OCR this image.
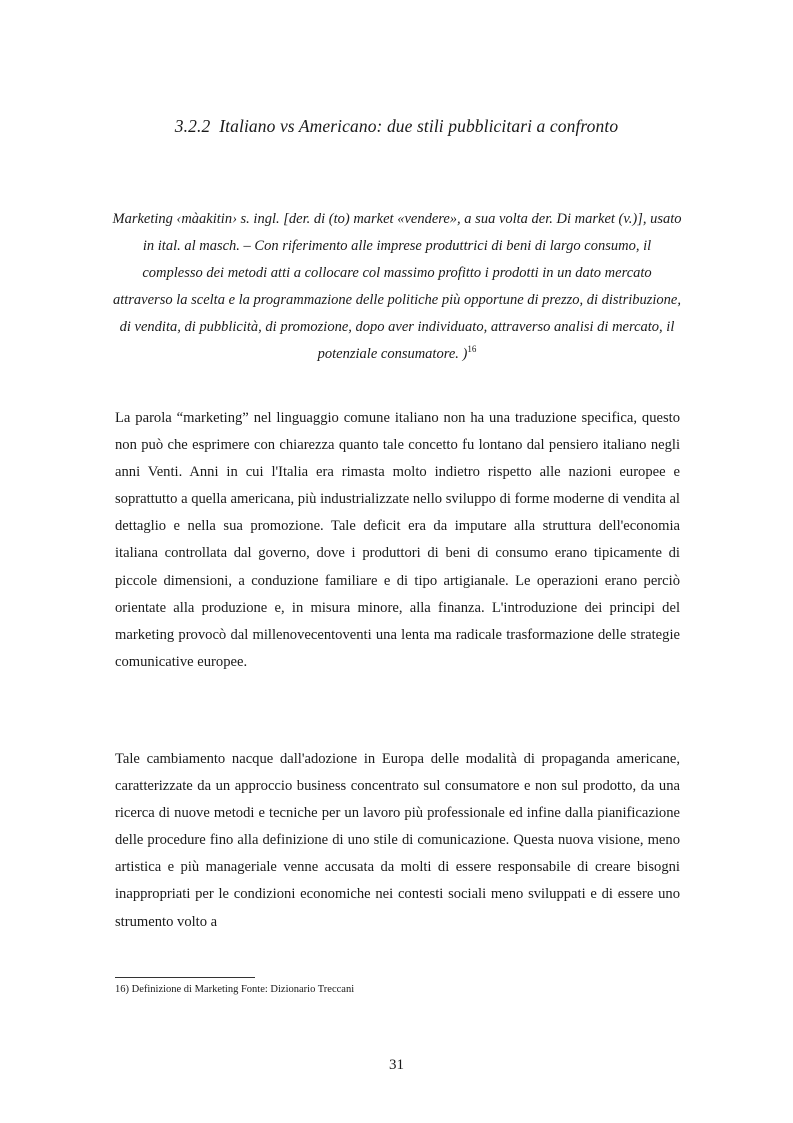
3.2.2 Italiano vs Americano: due stili pubblicitari a confronto
Marketing ‹màakitin› s. ingl. [der. di (to) market «vendere», a sua volta der. Di market (v.)], usato in ital. al masch. – Con riferimento alle imprese produttrici di beni di largo consumo, il complesso dei metodi atti a collocare col massimo profitto i prodotti in un dato mercato attraverso la scelta e la programmazione delle politiche più opportune di prezzo, di distribuzione, di vendita, di pubblicità, di promozione, dopo aver individuato, attraverso analisi di mercato, il potenziale consumatore. )$^{16}$

La parola “marketing” nel linguaggio comune italiano non ha una traduzione specifica, questo non può che esprimere con chiarezza quanto tale concetto fu lontano dal pensiero italiano negli anni Venti. Anni in cui l'Italia era rimasta molto indietro rispetto alle nazioni europee e soprattutto a quella americana, più industrializzate nello sviluppo di forme moderne di vendita al dettaglio e nella sua promozione. Tale deficit era da imputare alla struttura dell'economia italiana controllata dal governo, dove i produttori di beni di consumo erano tipicamente di piccole dimensioni, a conduzione familiare e di tipo artigianale. Le operazioni erano perciò orientate alla produzione e, in misura minore, alla finanza. L'introduzione dei principi del marketing provocò dal millenovecentoventi una lenta ma radicale trasformazione delle strategie comunicative europee.

Tale cambiamento nacque dall'adozione in Europa delle modalità di propaganda americane, caratterizzate da un approccio business concentrato sul consumatore e non sul prodotto, da una ricerca di nuove metodi e tecniche per un lavoro più professionale ed infine dalla pianificazione delle procedure fino alla definizione di uno stile di comunicazione. Questa nuova visione, meno artistica e più manageriale venne accusata da molti di essere responsabile di creare bisogni inappropriati per le condizioni economiche nei contesti sociali meno sviluppati e di essere uno strumento volto a

16) Definizione di Marketing Fonte: Dizionario Treccani
31
